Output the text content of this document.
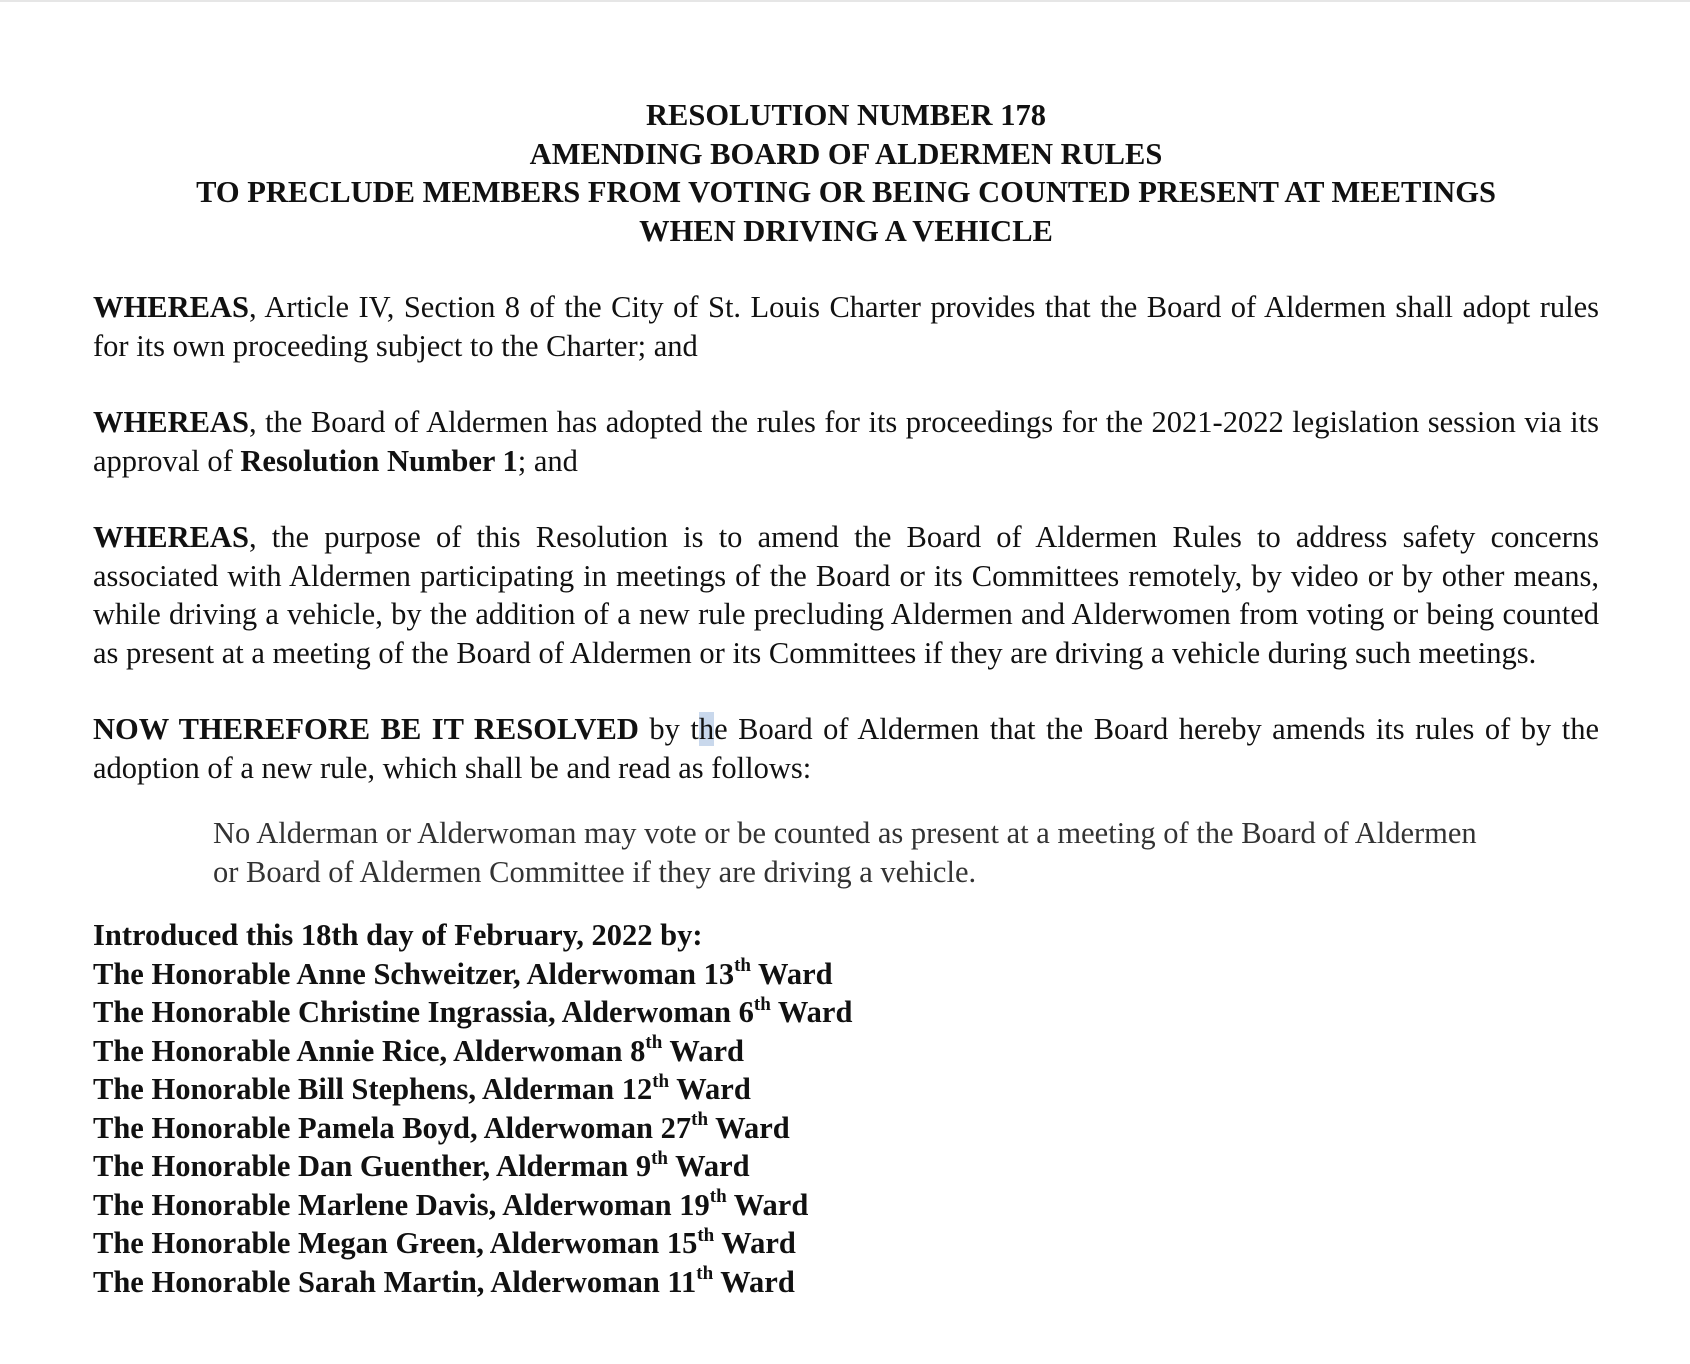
RESOLUTION NUMBER 178
AMENDING BOARD OF ALDERMEN RULES
TO PRECLUDE MEMBERS FROM VOTING OR BEING COUNTED PRESENT AT MEETINGS
WHEN DRIVING A VEHICLE

WHEREAS, Article IV, Section 8 of the City of St. Louis Charter provides that the Board of Aldermen shall adopt rules for its own proceeding subject to the Charter; and

WHEREAS, the Board of Aldermen has adopted the rules for its proceedings for the 2021-2022 legislation session via its approval of Resolution Number 1; and

WHEREAS, the purpose of this Resolution is to amend the Board of Aldermen Rules to address safety concerns associated with Aldermen participating in meetings of the Board or its Committees remotely, by video or by other means, while driving a vehicle, by the addition of a new rule precluding Aldermen and Alderwomen from voting or being counted as present at a meeting of the Board of Aldermen or its Committees if they are driving a vehicle during such meetings.

NOW THEREFORE BE IT RESOLVED by the Board of Aldermen that the Board hereby amends its rules of by the adoption of a new rule, which shall be and read as follows:

No Alderman or Alderwoman may vote or be counted as present at a meeting of the Board of Aldermen or Board of Aldermen Committee if they are driving a vehicle.
Introduced this 18th day of February, 2022 by:
The Honorable Anne Schweitzer, Alderwoman 13th Ward
The Honorable Christine Ingrassia, Alderwoman 6th Ward
The Honorable Annie Rice, Alderwoman 8th Ward
The Honorable Bill Stephens, Alderman 12th Ward
The Honorable Pamela Boyd, Alderwoman 27th Ward
The Honorable Dan Guenther, Alderman 9th Ward
The Honorable Marlene Davis, Alderwoman 19th Ward
The Honorable Megan Green, Alderwoman 15th Ward
The Honorable Sarah Martin, Alderwoman 11th Ward
